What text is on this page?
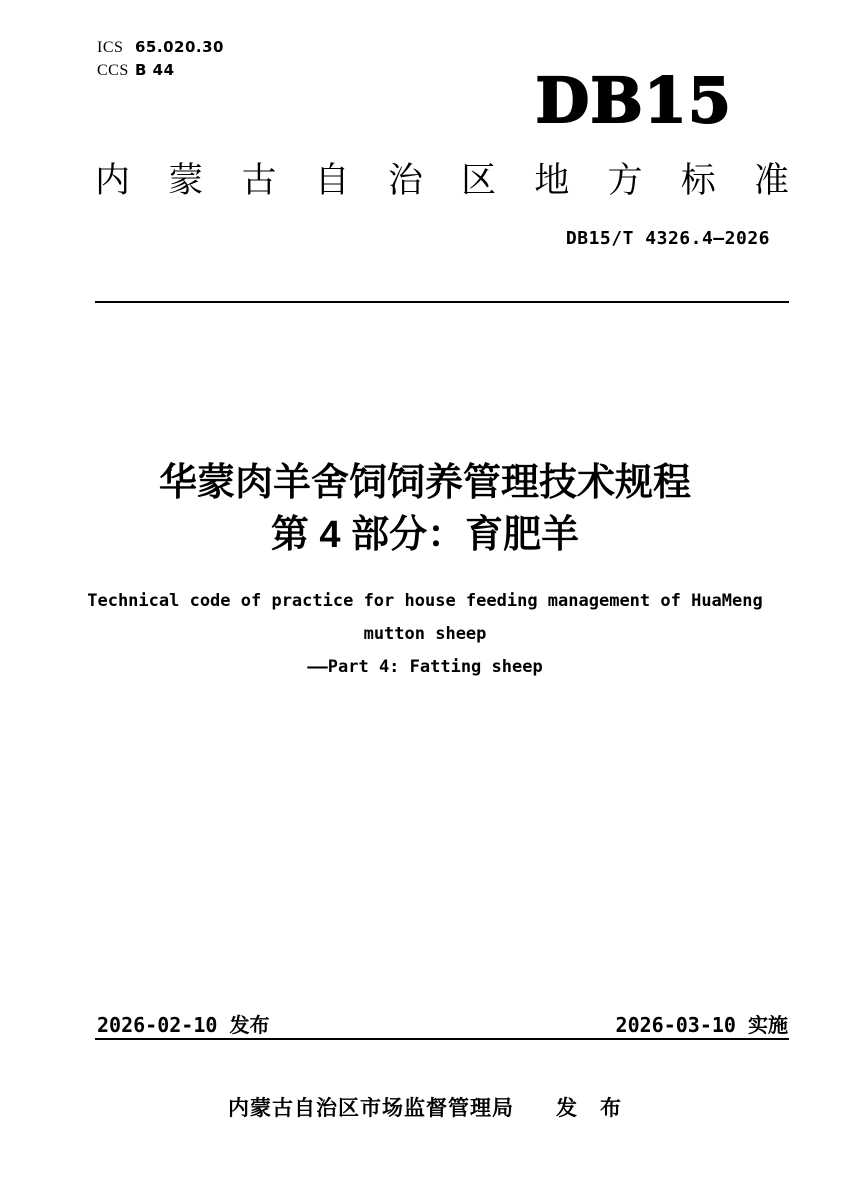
ICS 65.020.30
CCS B 44	DB15
内蒙古自治区地方标准
DB15/T 4326.4—2026
华蒙肉羊舍饲饲养管理技术规程
第 4 部分：育肥羊
Technical code of practice for house feeding management of HuaMeng
mutton sheep
——Part 4: Fatting sheep
2026-02-10 发布	2026-03-10 实施
内蒙古自治区市场监督管理局 发　布
